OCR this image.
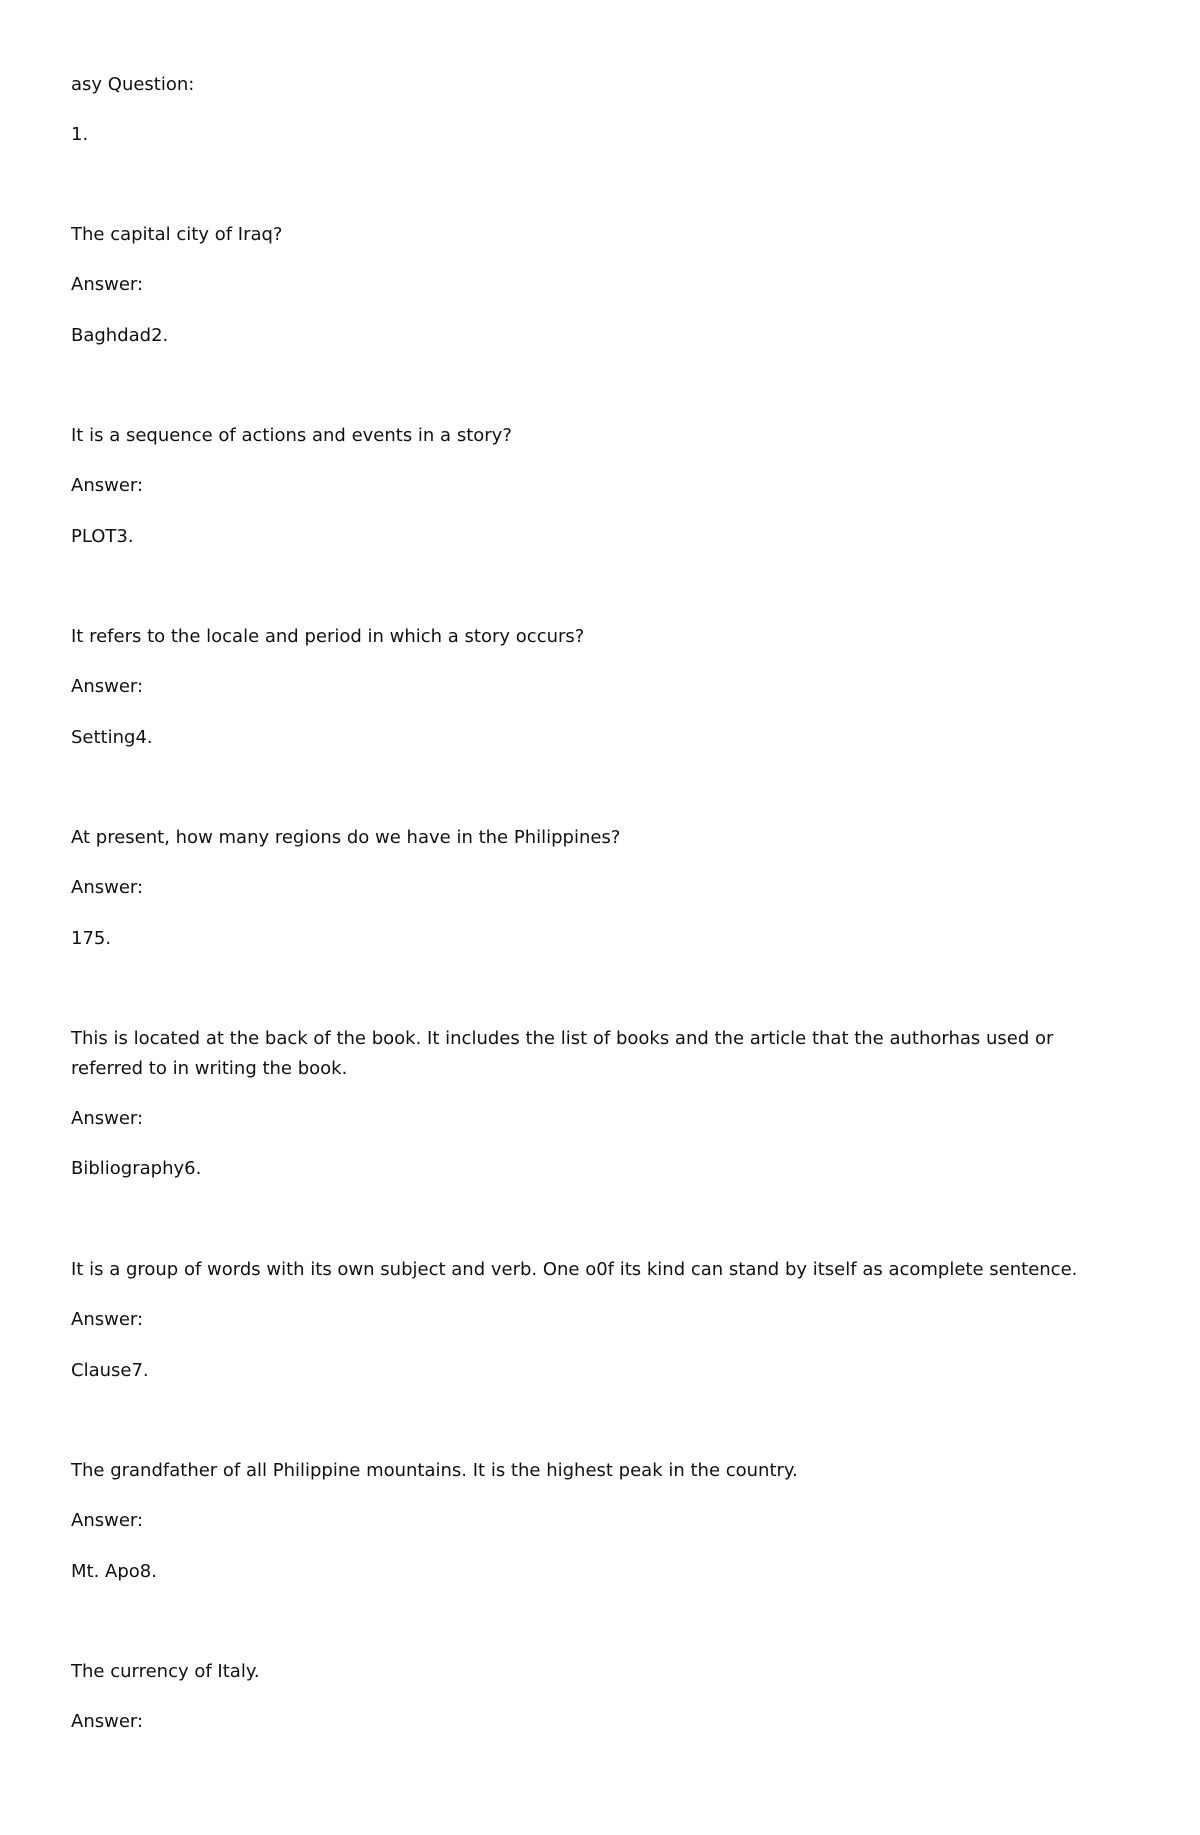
asy Question:

1.

The capital city of Iraq?

Answer:

Baghdad2.

It is a sequence of actions and events in a story?

Answer:

PLOT3.

It refers to the locale and period in which a story occurs?

Answer:

Setting4.

At present, how many regions do we have in the Philippines?

Answer:

175.

This is located at the back of the book. It includes the list of books and the article that the authorhas used or referred to in writing the book.

Answer:

Bibliography6.

It is a group of words with its own subject and verb. One o0f its kind can stand by itself as acomplete sentence.

Answer:

Clause7.

The grandfather of all Philippine mountains. It is the highest peak in the country.

Answer:

Mt. Apo8.

The currency of Italy.

Answer:
